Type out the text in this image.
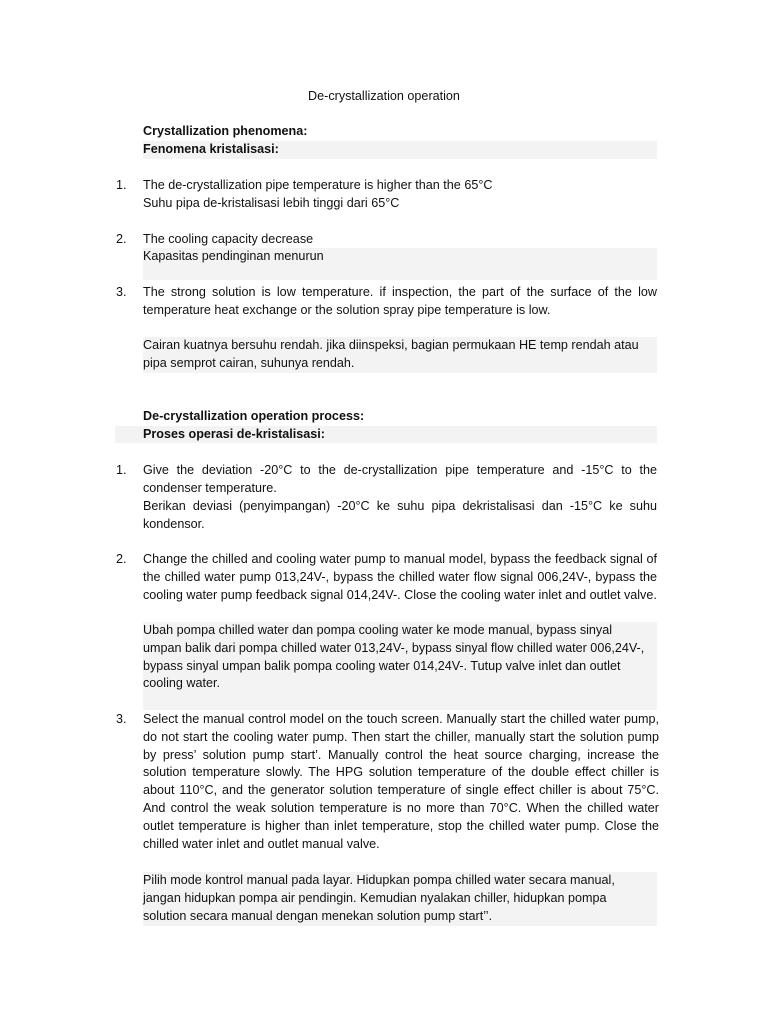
De-crystallization operation
Crystallization phenomena:
Fenomena kristalisasi:
1.	The de-crystallization pipe temperature is higher than the 65°C
Suhu pipa de-kristalisasi lebih tinggi dari 65°C
2.	The cooling capacity decrease
Kapasitas pendinginan menurun
3.	The strong solution is low temperature. if inspection, the part of the surface of the low temperature heat exchange or the solution spray pipe temperature is low.
Cairan kuatnya bersuhu rendah. jika diinspeksi, bagian permukaan HE temp rendah atau pipa semprot cairan, suhunya rendah.
De-crystallization operation process:
Proses operasi de-kristalisasi:
1.	Give the deviation -20°C to the de-crystallization pipe temperature and -15°C to the condenser temperature.
Berikan deviasi (penyimpangan) -20°C ke suhu pipa dekristalisasi dan -15°C ke suhu kondensor.
2.	Change the chilled and cooling water pump to manual model, bypass the feedback signal of the chilled water pump 013,24V-, bypass the chilled water flow signal 006,24V-, bypass the cooling water pump feedback signal 014,24V-. Close the cooling water inlet and outlet valve.
Ubah pompa chilled water dan pompa cooling water ke mode manual, bypass sinyal umpan balik dari pompa chilled water 013,24V-, bypass sinyal flow chilled water 006,24V-, bypass sinyal umpan balik pompa cooling water 014,24V-. Tutup valve inlet dan outlet cooling water.
3.	Select the manual control model on the touch screen. Manually start the chilled water pump, do not start the cooling water pump. Then start the chiller, manually start the solution pump by press’ solution pump start’. Manually control the heat source charging, increase the solution temperature slowly. The HPG solution temperature of the double effect chiller is about 110°C, and the generator solution temperature of single effect chiller is about 75°C. And control the weak solution temperature is no more than 70°C. When the chilled water outlet temperature is higher than inlet temperature, stop the chilled water pump. Close the chilled water inlet and outlet manual valve.
Pilih mode kontrol manual pada layar. Hidupkan pompa chilled water secara manual, jangan hidupkan pompa air pendingin. Kemudian nyalakan chiller, hidupkan pompa solution secara manual dengan menekan solution pump start’’.
